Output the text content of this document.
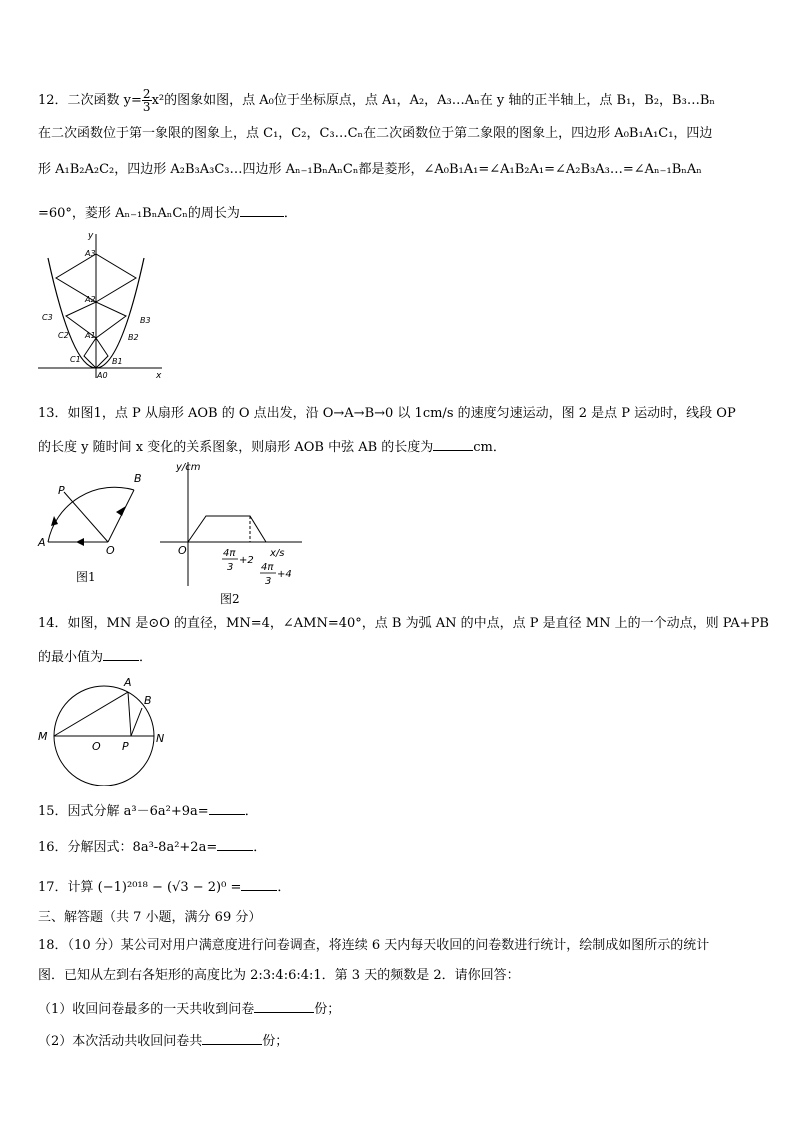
12．二次函数 $y= \frac{2}{3} x^2$的图象如图，点 A₀位于坐标原点，点 A₁，A₂，A₃…Aₙ在 y 轴的正半轴上，点 B₁，B₂，B₃…Bₙ
在二次函数位于第一象限的图象上，点 C₁，C₂，C₃…Cₙ在二次函数位于第二象限的图象上，四边形 A₀B₁A₁C₁，四边
形 A₁B₂A₂C₂，四边形 A₂B₃A₃C₃…四边形 Aₙ₋₁BₙAₙCₙ都是菱形，∠A₀B₁A₁=∠A₁B₂A₁=∠A₂B₃A₃…=∠Aₙ₋₁BₙAₙ
=60°，菱形 Aₙ₋₁BₙAₙCₙ的周长为	．
y
x
A3
A2
A1
A0
B3
B2
B1
C3
C2
C1
13．如图1，点 P 从扇形 AOB 的 O 点出发，沿 O→A→B→0 以 1cm/s 的速度匀速运动，图 2 是点 P 运动时，线段 OP
的长度 y 随时间 x 变化的关系图象，则扇形 AOB 中弦 AB 的长度为	cm．
A
O
P
B
图1
y/cm
x/s
O	4π
3
+2
4π
3
+4
图2
14．如图，MN 是⊙O 的直径，MN=4，∠AMN=40°，点 B 为弧 AN 的中点，点 P 是直径 MN 上的一个动点，则 PA+PB
的最小值为	．
M	N
O P
A
B
15．因式分解 a³－6a²+9a=	．
16．分解因式：8a³-8a²+2a=	．
17．计算 (−1)²⁰¹⁸ − (√3 − 2)⁰ =	．
三、解答题（共 7 小题，满分 69 分）
18．（10 分）某公司对用户满意度进行问卷调查，将连续 6 天内每天收回的问卷数进行统计，绘制成如图所示的统计
图．已知从左到右各矩形的高度比为 2:3:4:6:4:1．第 3 天的频数是 2．请你回答：
（1）收回问卷最多的一天共收到问卷	份；
（2）本次活动共收回问卷共	份；
